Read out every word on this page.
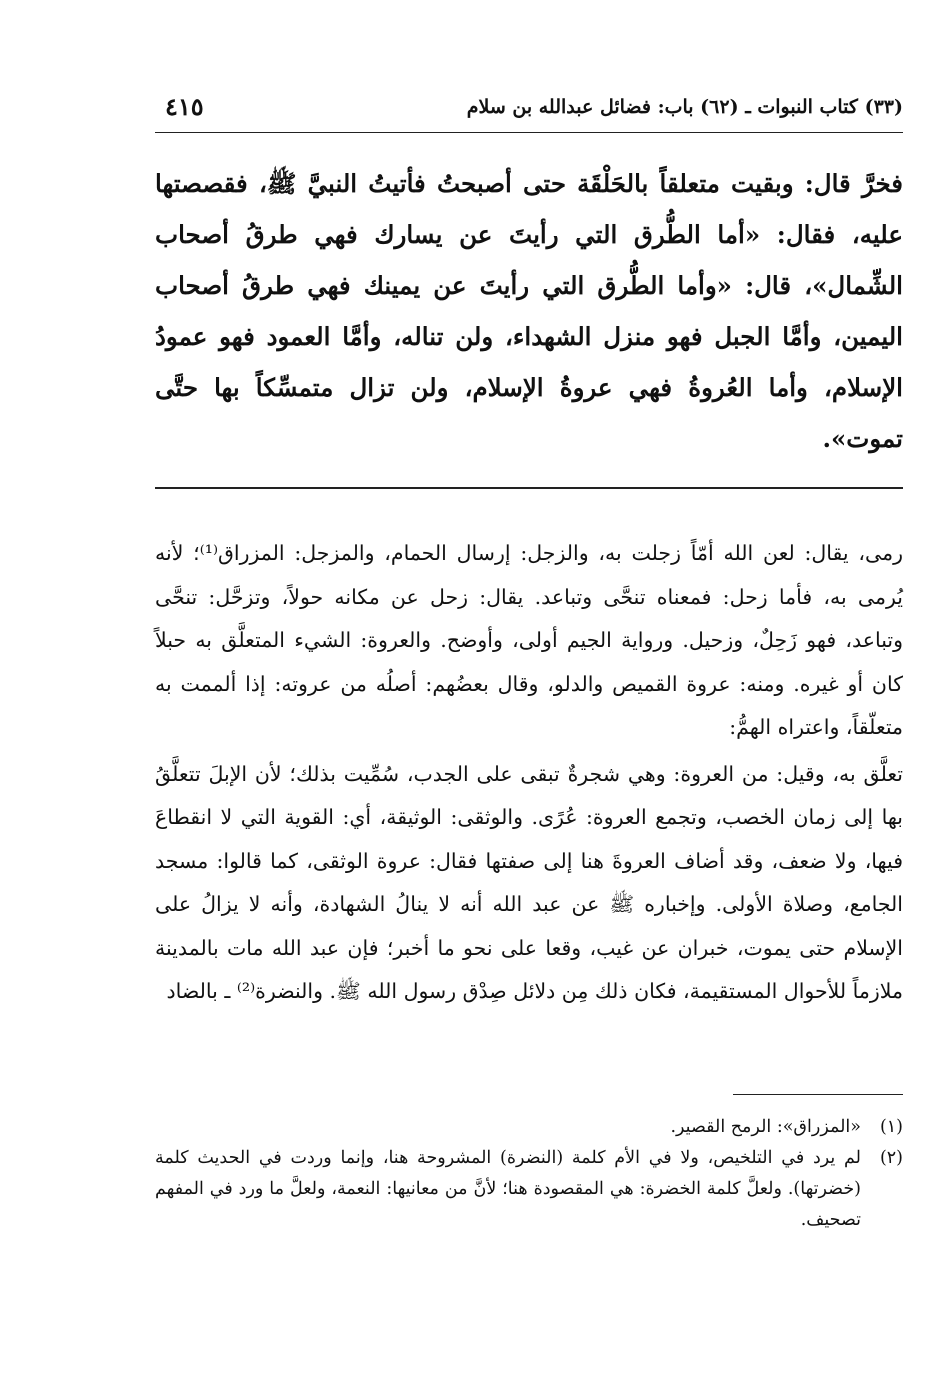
(٣٣) كتاب النبوات ـ (٦٢) باب: فضائل عبدالله بن سلام
٤١٥

فخرَّ قال: وبقيت متعلقاً بالحَلْقَة حتى أصبحتُ فأتيتُ النبيَّ ﷺ، فقصصتها عليه، فقال: «أما الطُّرق التي رأيتَ عن يسارك فهي طرقُ أصحاب الشِّمال»، قال: «وأما الطُّرق التي رأيتَ عن يمينك فهي طرقُ أصحاب اليمين، وأمَّا الجبل فهو منزل الشهداء، ولن تناله، وأمَّا العمود فهو عمودُ الإسلام، وأما العُروةُ فهي عروةُ الإسلام، ولن تزال متمسِّكاً بها حتَّى تموت».

رمى، يقال: لعن الله أمّاً زجلت به، والزجل: إرسال الحمام، والمزجل: المزراق⁽¹⁾؛ لأنه يُرمى به، فأما زحل: فمعناه تنحَّى وتباعد. يقال: زحل عن مكانه حولاً، وتزحَّل: تنحَّى وتباعد، فهو زَحِلٌ، وزحيل. ورواية الجيم أولى، وأوضح. والعروة: الشيء المتعلَّق به حبلاً كان أو غيره. ومنه: عروة القميص والدلو، وقال بعضُهم: أصلُه من عروته: إذا ألممت به متعلّقاً، واعتراه الهمُّ:

تعلَّق به، وقيل: من العروة: وهي شجرةٌ تبقى على الجدب، سُمِّيت بذلك؛ لأن الإبلَ تتعلَّقُ بها إلى زمان الخصب، وتجمع العروة: عُرًى. والوثقى: الوثيقة، أي: القوية التي لا انقطاعَ فيها، ولا ضعف، وقد أضاف العروةَ هنا إلى صفتها فقال: عروة الوثقى، كما قالوا: مسجد الجامع، وصلاة الأولى. وإخباره ﷺ عن عبد الله أنه لا ينالُ الشهادة، وأنه لا يزالُ على الإسلام حتى يموت، خبران عن غيب، وقعا على نحو ما أخبر؛ فإن عبد الله مات بالمدينة ملازماً للأحوال المستقيمة، فكان ذلك مِن دلائل صِدْق رسول الله ﷺ. والنضرة⁽²⁾ ـ بالضاد

(١)
«المزراق»: الرمح القصير.
(٢)
لم يرد في التلخيص، ولا في الأم كلمة (النضرة) المشروحة هنا، وإنما وردت في الحديث كلمة (خضرتها). ولعلَّ كلمة الخضرة: هي المقصودة هنا؛ لأنَّ من معانيها: النعمة، ولعلَّ ما ورد في المفهم تصحيف.
